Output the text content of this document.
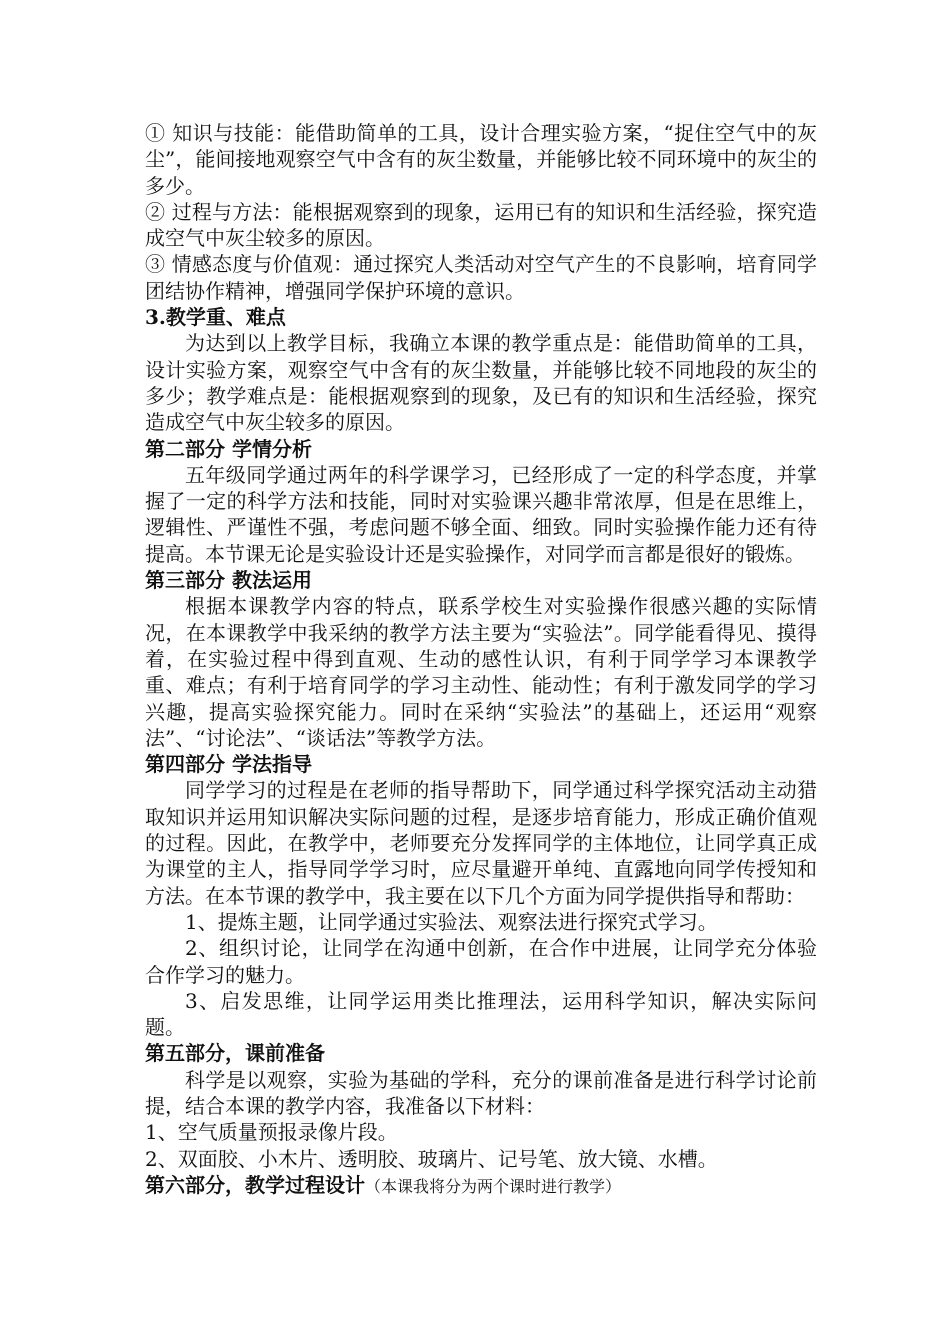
① 知识与技能：能借助简单的工具，设计合理实验方案，“捉住空气中的灰尘”，能间接地观察空气中含有的灰尘数量，并能够比较不同环境中的灰尘的多少。

② 过程与方法：能根据观察到的现象，运用已有的知识和生活经验，探究造成空气中灰尘较多的原因。

③ 情感态度与价值观：通过探究人类活动对空气产生的不良影响，培育同学团结协作精神，增强同学保护环境的意识。

3.教学重、难点

为达到以上教学目标，我确立本课的教学重点是：能借助简单的工具，设计实验方案，观察空气中含有的灰尘数量，并能够比较不同地段的灰尘的多少；教学难点是：能根据观察到的现象，及已有的知识和生活经验，探究造成空气中灰尘较多的原因。

第二部分 学情分析

五年级同学通过两年的科学课学习，已经形成了一定的科学态度，并掌握了一定的科学方法和技能，同时对实验课兴趣非常浓厚，但是在思维上，逻辑性、严谨性不强，考虑问题不够全面、细致。同时实验操作能力还有待提高。本节课无论是实验设计还是实验操作，对同学而言都是很好的锻炼。

第三部分 教法运用

根据本课教学内容的特点，联系学校生对实验操作很感兴趣的实际情况，在本课教学中我采纳的教学方法主要为“实验法”。同学能看得见、摸得着，在实验过程中得到直观、生动的感性认识，有利于同学学习本课教学重、难点；有利于培育同学的学习主动性、能动性；有利于激发同学的学习兴趣，提高实验探究能力。同时在采纳“实验法”的基础上，还运用“观察法”、“讨论法”、“谈话法”等教学方法。

第四部分 学法指导

同学学习的过程是在老师的指导帮助下，同学通过科学探究活动主动猎取知识并运用知识解决实际问题的过程，是逐步培育能力，形成正确价值观的过程。因此，在教学中，老师要充分发挥同学的主体地位，让同学真正成为课堂的主人，指导同学学习时，应尽量避开单纯、直露地向同学传授知和方法。在本节课的教学中，我主要在以下几个方面为同学提供指导和帮助：

1、提炼主题，让同学通过实验法、观察法进行探究式学习。

2、组织讨论，让同学在沟通中创新，在合作中进展，让同学充分体验合作学习的魅力。

3、启发思维，让同学运用类比推理法，运用科学知识，解决实际问题。

第五部分，课前准备

科学是以观察，实验为基础的学科，充分的课前准备是进行科学讨论前提，结合本课的教学内容，我准备以下材料：

1、空气质量预报录像片段。

2、双面胶、小木片、透明胶、玻璃片、记号笔、放大镜、水槽。

第六部分，教学过程设计（本课我将分为两个课时进行教学）
